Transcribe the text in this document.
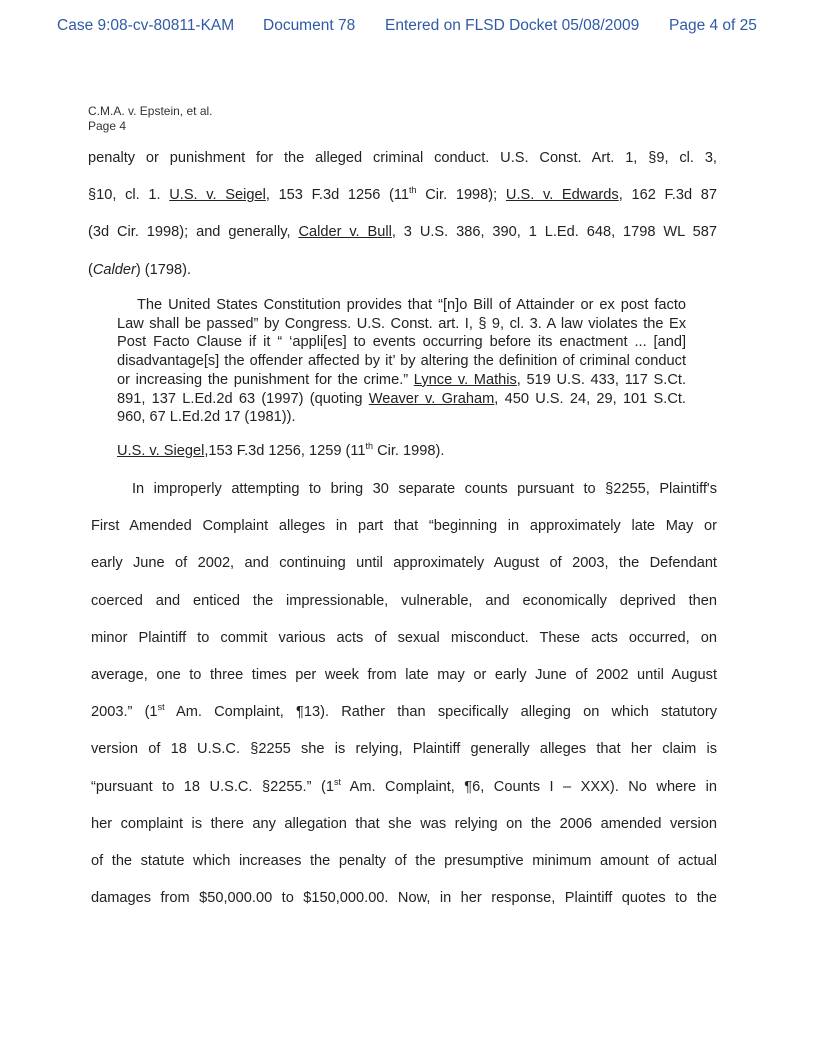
Case 9:08-cv-80811-KAM Document 78 Entered on FLSD Docket 05/08/2009 Page 4 of 25
C.M.A. v. Epstein, et al.
Page 4
penalty or punishment for the alleged criminal conduct. U.S. Const. Art. 1, §9, cl. 3,
§10, cl. 1. U.S. v. Seigel, 153 F.3d 1256 (11th Cir. 1998); U.S. v. Edwards, 162 F.3d 87
(3d Cir. 1998); and generally, Calder v. Bull, 3 U.S. 386, 390, 1 L.Ed. 648, 1798 WL 587
(Calder) (1798).
The United States Constitution provides that “[n]o Bill of Attainder or ex post facto Law shall be passed” by Congress. U.S. Const. art. I, § 9, cl. 3. A law violates the Ex Post Facto Clause if it “ ‘appli[es] to events occurring before its enactment ... [and] disadvantage[s] the offender affected by it’ by altering the definition of criminal conduct or increasing the punishment for the crime.” Lynce v. Mathis, 519 U.S. 433, 117 S.Ct. 891, 137 L.Ed.2d 63 (1997) (quoting Weaver v. Graham, 450 U.S. 24, 29, 101 S.Ct. 960, 67 L.Ed.2d 17 (1981)).
U.S. v. Siegel,153 F.3d 1256, 1259 (11th Cir. 1998).
In improperly attempting to bring 30 separate counts pursuant to §2255, Plaintiff's
First Amended Complaint alleges in part that “beginning in approximately late May or
early June of 2002, and continuing until approximately August of 2003, the Defendant
coerced and enticed the impressionable, vulnerable, and economically deprived then
minor Plaintiff to commit various acts of sexual misconduct. These acts occurred, on
average, one to three times per week from late may or early June of 2002 until August
2003.” (1st Am. Complaint, ¶13). Rather than specifically alleging on which statutory
version of 18 U.S.C. §2255 she is relying, Plaintiff generally alleges that her claim is
“pursuant to 18 U.S.C. §2255.” (1st Am. Complaint, ¶6, Counts I – XXX). No where in
her complaint is there any allegation that she was relying on the 2006 amended version
of the statute which increases the penalty of the presumptive minimum amount of actual
damages from $50,000.00 to $150,000.00. Now, in her response, Plaintiff quotes to the
